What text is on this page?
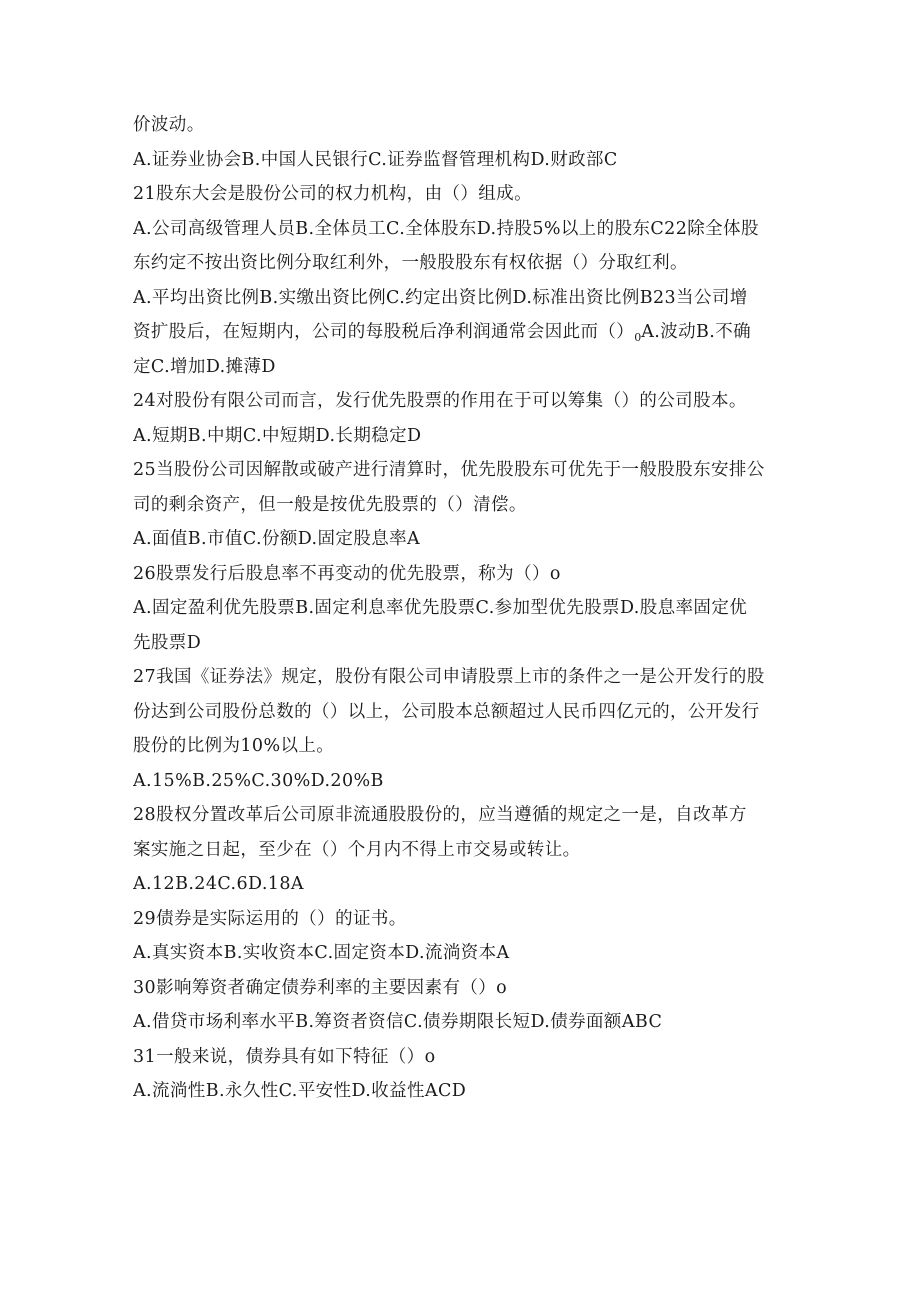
价波动。
A.证券业协会B.中国人民银行C.证券监督管理机构D.财政部C
21股东大会是股份公司的权力机构，由（）组成。
A.公司高级管理人员B.全体员工C.全体股东D.持股5%以上的股东C22除全体股
东约定不按出资比例分取红利外，一般股股东有权依据（）分取红利。
A.平均出资比例B.实缴出资比例C.约定出资比例D.标准出资比例B23当公司增
资扩股后，在短期内，公司的每股税后净利润通常会因此而$()_0A$.波动B.不确
定C.增加D.摊薄D
24对股份有限公司而言，发行优先股票的作用在于可以筹集（）的公司股本。
A.短期B.中期C.中短期D.长期稳定D
25当股份公司因解散或破产进行清算时，优先股股东可优先于一般股股东安排公
司的剩余资产，但一般是按优先股票的（）清偿。
A.面值B.市值C.份额D.固定股息率A
26股票发行后股息率不再变动的优先股票，称为（）o
A.固定盈利优先股票B.固定利息率优先股票C.参加型优先股票D.股息率固定优
先股票D
27我国《证券法》规定，股份有限公司申请股票上市的条件之一是公开发行的股
份达到公司股份总数的（）以上，公司股本总额超过人民币四亿元的，公开发行
股份的比例为10%以上。
A.15%B.25%C.30%D.20%B
28股权分置改革后公司原非流通股股份的，应当遵循的规定之一是，自改革方
案实施之日起，至少在（）个月内不得上市交易或转让。
A.12B.24C.6D.18A
29债券是实际运用的（）的证书。
A.真实资本B.实收资本C.固定资本D.流淌资本A
30影响筹资者确定债券利率的主要因素有（）o
A.借贷市场利率水平B.筹资者资信C.债券期限长短D.债券面额ABC
31一般来说，债券具有如下特征（）o
A.流淌性B.永久性C.平安性D.收益性ACD
